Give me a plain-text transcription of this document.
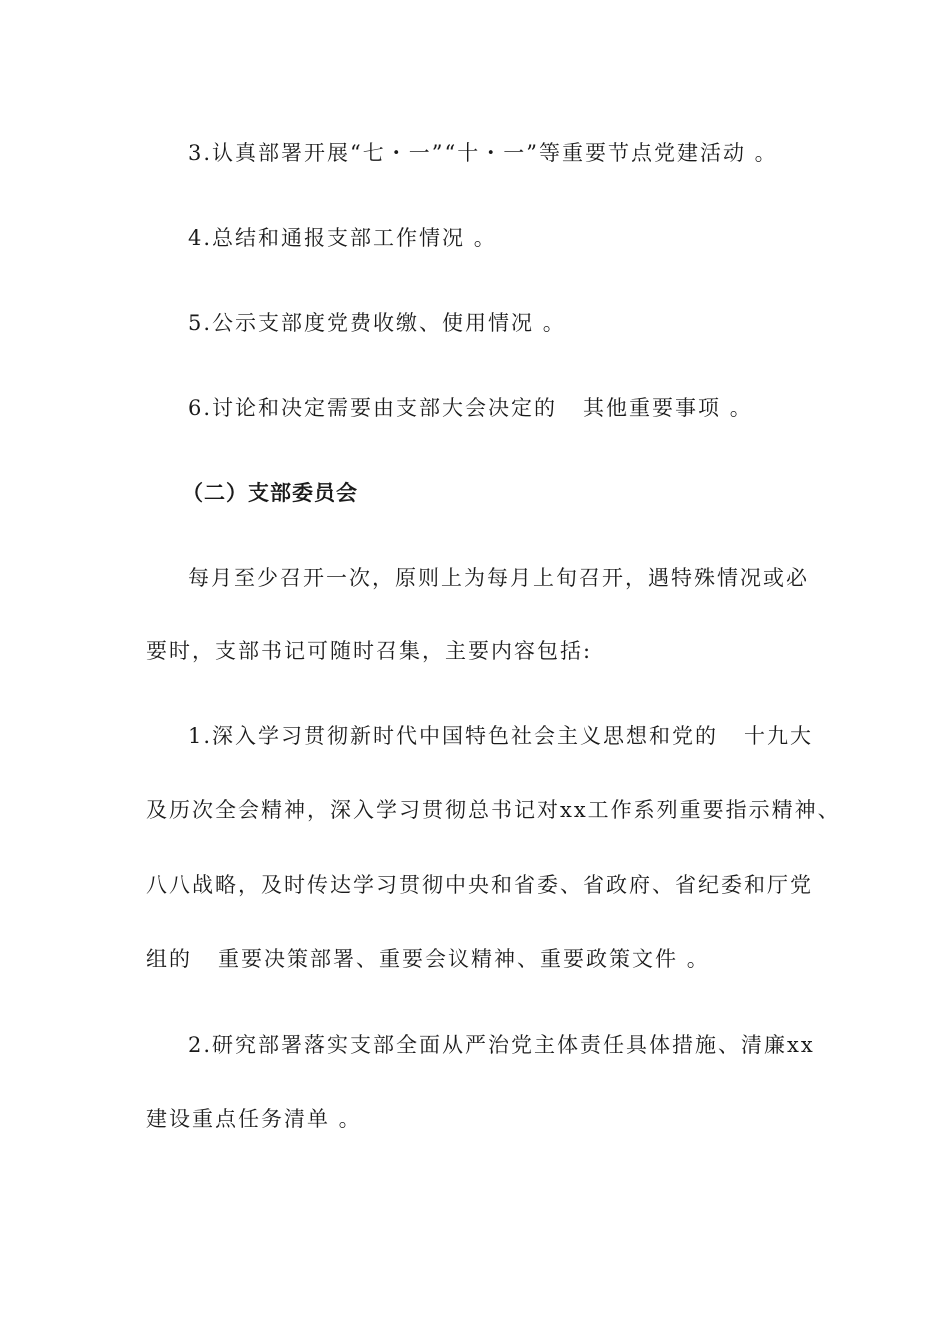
3.认真部署开展“七・一”“十・一”等重要节点党建活动 。
4.总结和通报支部工作情况 。
5.公示支部度党费收缴、使用情况 。
6.讨论和决定需要由支部大会决定的   其他重要事项 。
（二）支部委员会
每月至少召开一次，原则上为每月上旬召开，遇特殊情况或必
要时，支部书记可随时召集，主要内容包括:
1.深入学习贯彻新时代中国特色社会主义思想和党的   十九大
及历次全会精神，深入学习贯彻总书记对xx工作系列重要指示精神、
八八战略，及时传达学习贯彻中央和省委、省政府、省纪委和厅党
组的   重要决策部署、重要会议精神、重要政策文件 。
2.研究部署落实支部全面从严治党主体责任具体措施、清廉xx
建设重点任务清单 。
